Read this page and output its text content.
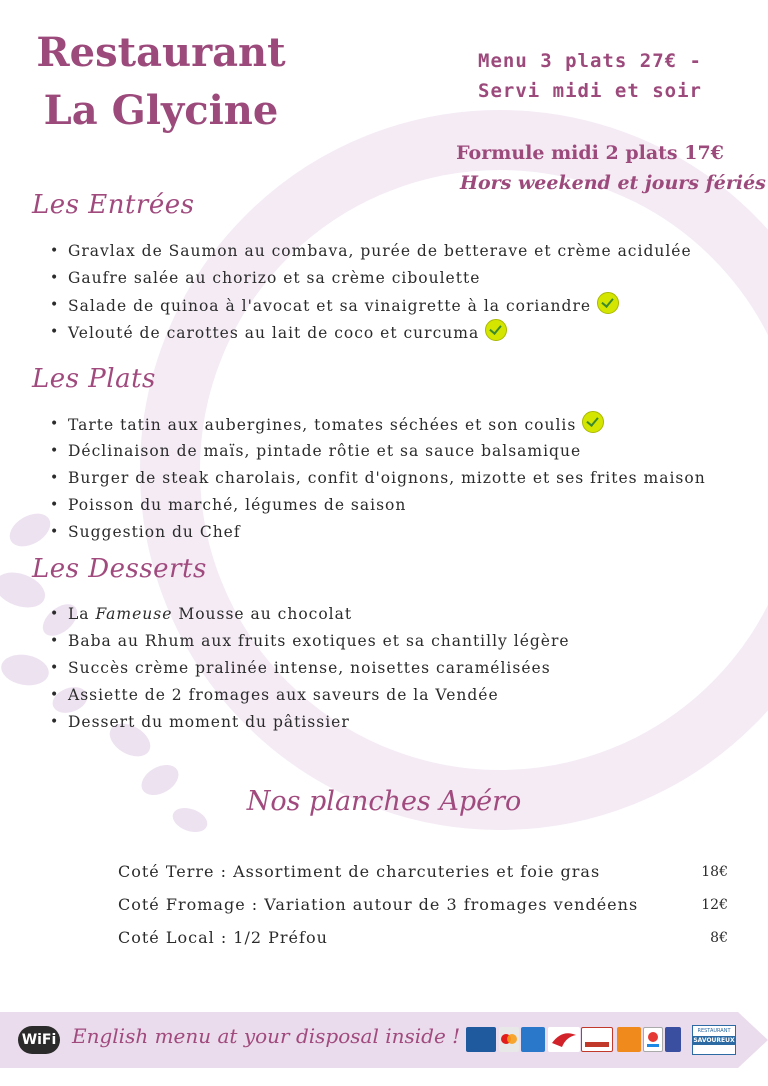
Restaurant
La Glycine
Menu 3 plats 27€ -
Servi midi et soir
Formule midi 2 plats 17€
Hors weekend et jours fériés
Les Entrées
• Gravlax de Saumon au combava, purée de betterave et crème acidulée
• Gaufre salée au chorizo et sa crème ciboulette
• Salade de quinoa à l'avocat et sa vinaigrette à la coriandre
• Velouté de carottes au lait de coco et curcuma
Les Plats
• Tarte tatin aux aubergines, tomates séchées et son coulis
• Déclinaison de maïs, pintade rôtie et sa sauce balsamique
• Burger de steak charolais, confit d'oignons, mizotte et ses frites maison
• Poisson du marché, légumes de saison
• Suggestion du Chef
Les Desserts
• La Fameuse Mousse au chocolat
• Baba au Rhum aux fruits exotiques et sa chantilly légère
• Succès crème pralinée intense, noisettes caramélisées
• Assiette de 2 fromages aux saveurs de la Vendée
• Dessert du moment du pâtissier
Nos planches Apéro
Coté Terre : Assortiment de charcuteries et foie gras	18€
Coté Fromage : Variation autour de 3 fromages vendéens	12€
Coté Local : 1/2 Préfou	8€
WiFi English menu at your disposal inside !	RESTAURANT
SAVOUREUX
